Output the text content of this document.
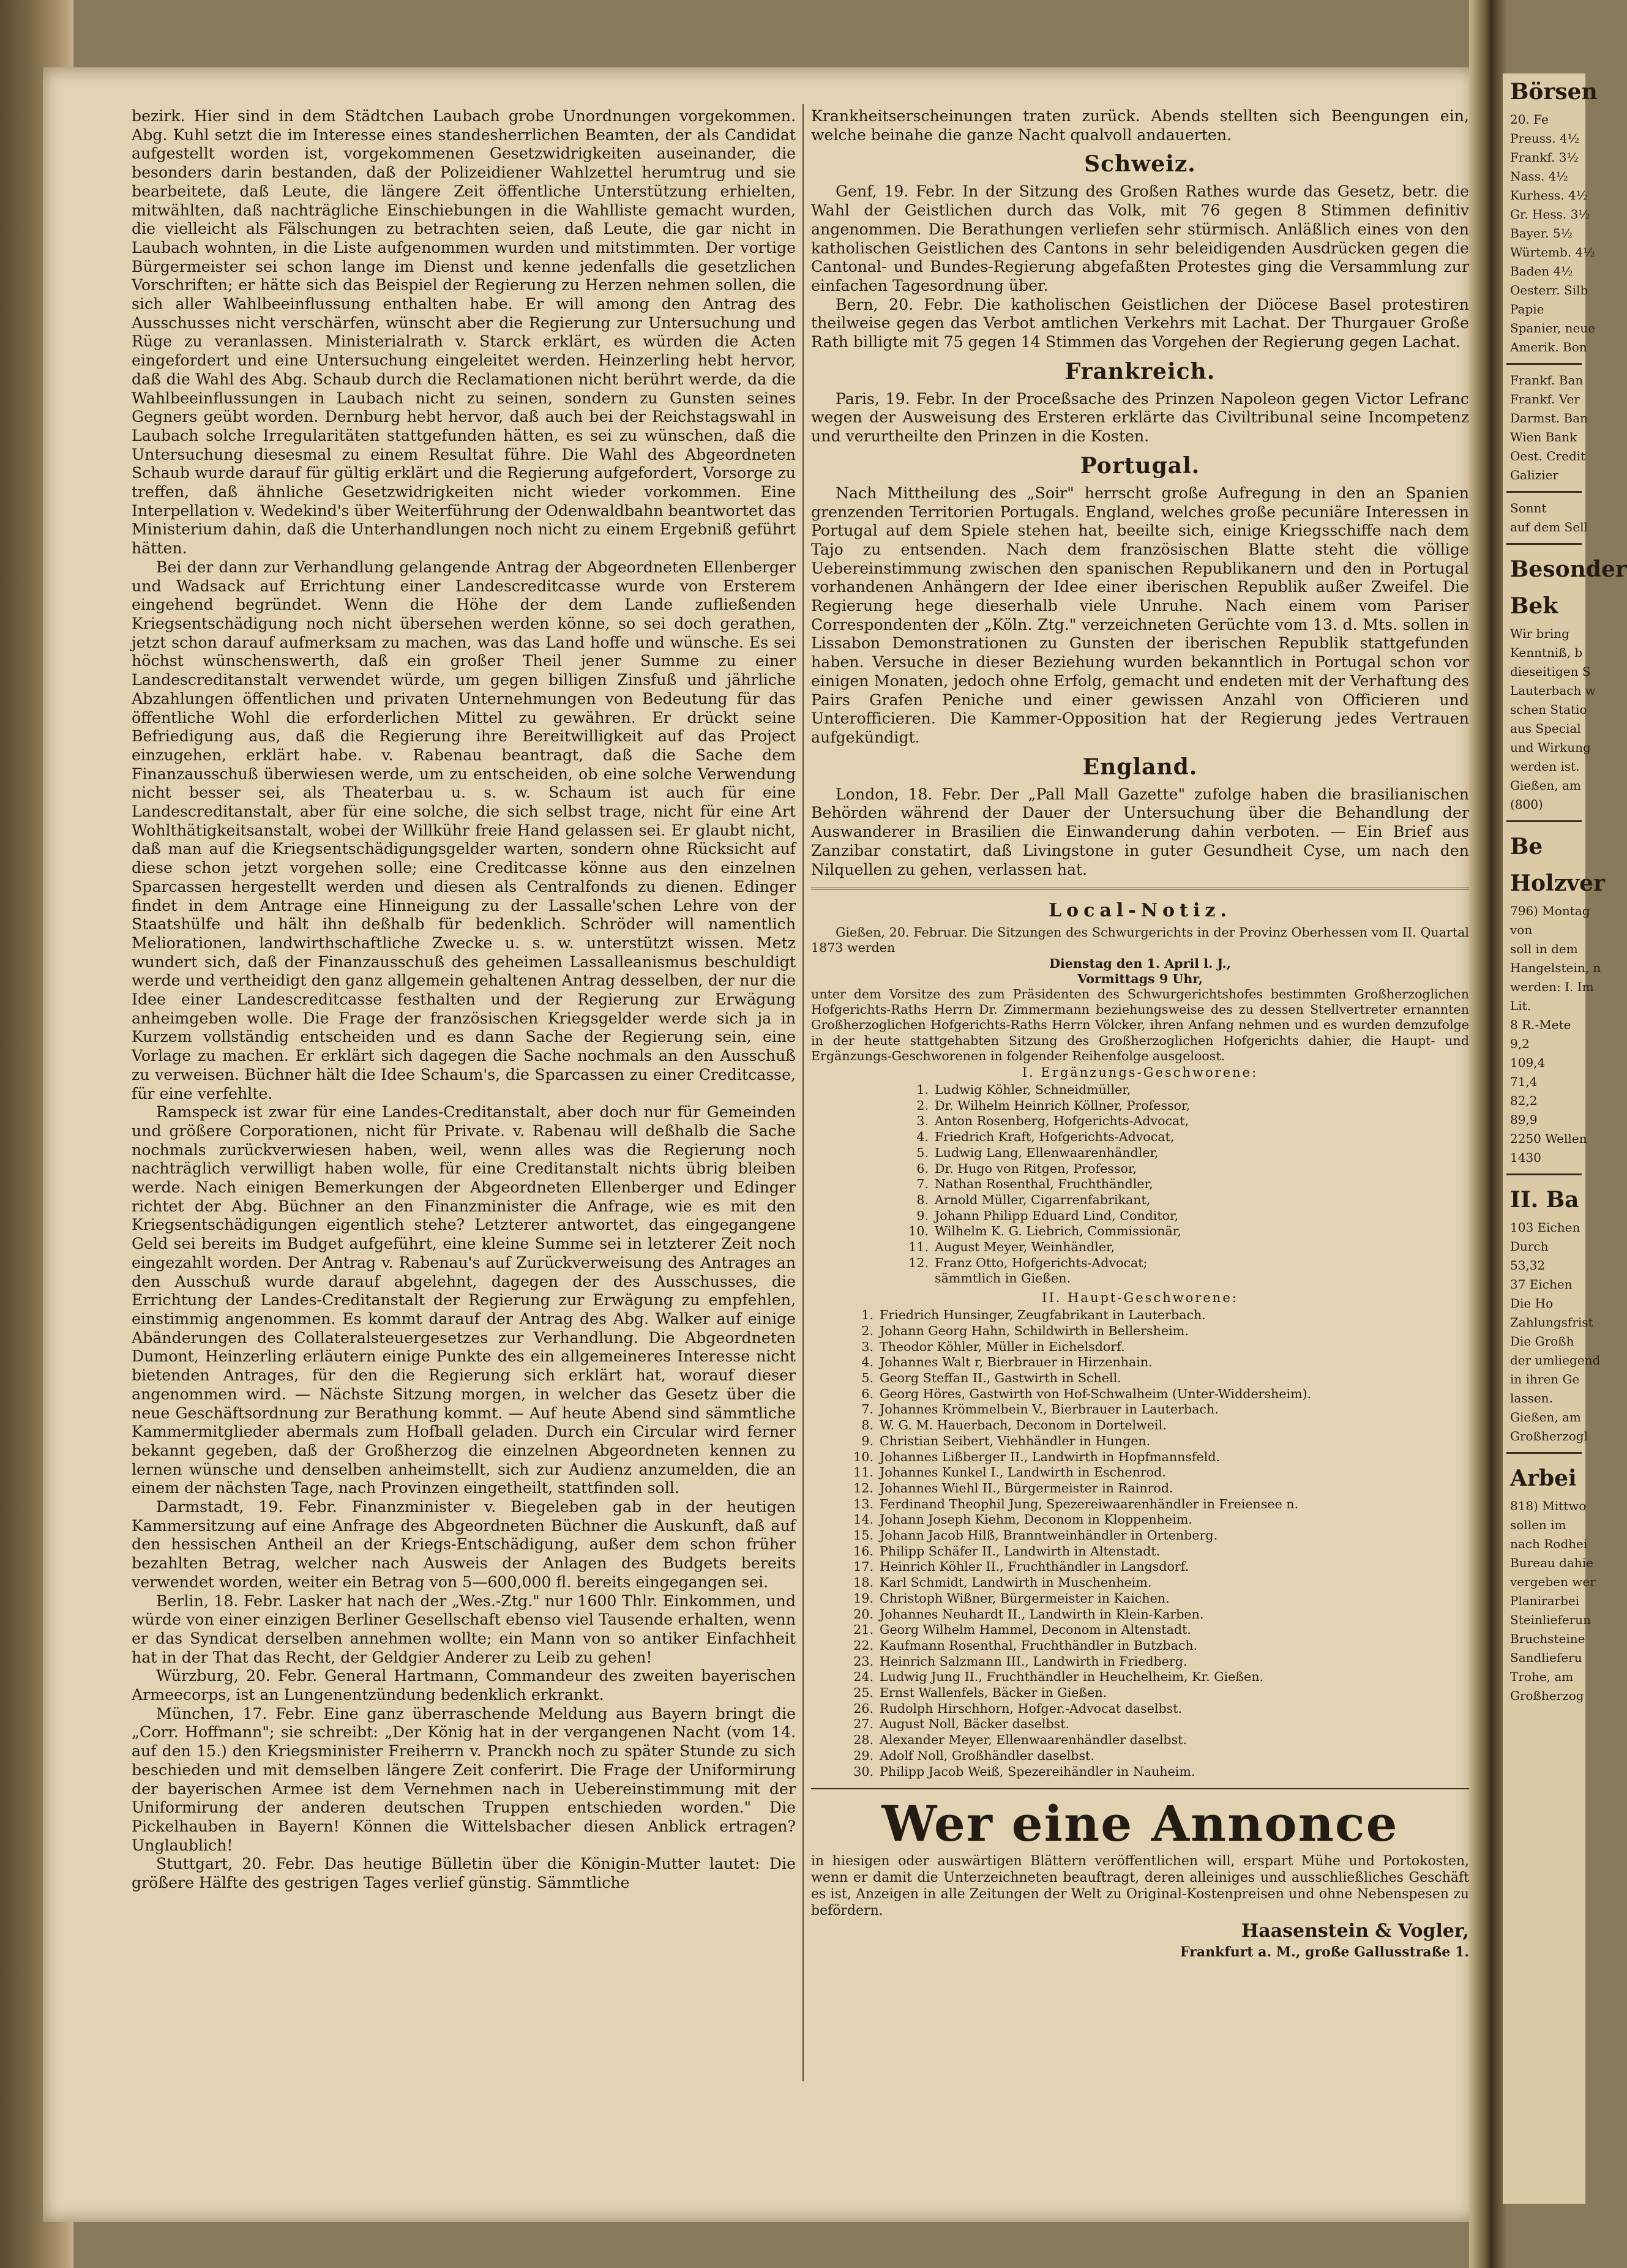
bezirk. Hier sind in dem Städtchen Laubach grobe Unordnungen vorgekommen. Abg. Kuhl setzt die im Interesse eines standesherrlichen Beamten, der als Candidat aufgestellt worden ist, vorgekommenen Gesetzwidrigkeiten auseinander, die besonders darin bestanden, daß der Polizeidiener Wahlzettel herumtrug und sie bearbeitete, daß Leute, die längere Zeit öffentliche Unterstützung erhielten, mitwählten, daß nachträgliche Einschiebungen in die Wahlliste gemacht wurden, die vielleicht als Fälschungen zu betrachten seien, daß Leute, die gar nicht in Laubach wohnten, in die Liste aufgenommen wurden und mitstimmten. Der vortige Bürgermeister sei schon lange im Dienst und kenne jedenfalls die gesetzlichen Vorschriften; er hätte sich das Beispiel der Regierung zu Herzen nehmen sollen, die sich aller Wahlbeeinflussung enthalten habe. Er will among den Antrag des Ausschusses nicht verschärfen, wünscht aber die Regierung zur Untersuchung und Rüge zu veranlassen. Ministerialrath v. Starck erklärt, es würden die Acten eingefordert und eine Untersuchung eingeleitet werden. Heinzerling hebt hervor, daß die Wahl des Abg. Schaub durch die Reclamationen nicht berührt werde, da die Wahlbeeinflussungen in Laubach nicht zu seinen, sondern zu Gunsten seines Gegners geübt worden. Dernburg hebt hervor, daß auch bei der Reichstagswahl in Laubach solche Irregularitäten stattgefunden hätten, es sei zu wünschen, daß die Untersuchung diesesmal zu einem Resultat führe. Die Wahl des Abgeordneten Schaub wurde darauf für gültig erklärt und die Regierung aufgefordert, Vorsorge zu treffen, daß ähnliche Gesetzwidrigkeiten nicht wieder vorkommen. Eine Interpellation v. Wedekind's über Weiterführung der Odenwaldbahn beantwortet das Ministerium dahin, daß die Unterhandlungen noch nicht zu einem Ergebniß geführt hätten.

Bei der dann zur Verhandlung gelangende Antrag der Abgeordneten Ellenberger und Wadsack auf Errichtung einer Landescreditcasse wurde von Ersterem eingehend begründet. Wenn die Höhe der dem Lande zufließenden Kriegsentschädigung noch nicht übersehen werden könne, so sei doch gerathen, jetzt schon darauf aufmerksam zu machen, was das Land hoffe und wünsche. Es sei höchst wünschenswerth, daß ein großer Theil jener Summe zu einer Landescreditanstalt verwendet würde, um gegen billigen Zinsfuß und jährliche Abzahlungen öffentlichen und privaten Unternehmungen von Bedeutung für das öffentliche Wohl die erforderlichen Mittel zu gewähren. Er drückt seine Befriedigung aus, daß die Regierung ihre Bereitwilligkeit auf das Project einzugehen, erklärt habe. v. Rabenau beantragt, daß die Sache dem Finanzausschuß überwiesen werde, um zu entscheiden, ob eine solche Verwendung nicht besser sei, als Theaterbau u. s. w. Schaum ist auch für eine Landescreditanstalt, aber für eine solche, die sich selbst trage, nicht für eine Art Wohlthätigkeitsanstalt, wobei der Willkühr freie Hand gelassen sei. Er glaubt nicht, daß man auf die Kriegsentschädigungsgelder warten, sondern ohne Rücksicht auf diese schon jetzt vorgehen solle; eine Creditcasse könne aus den einzelnen Sparcassen hergestellt werden und diesen als Centralfonds zu dienen. Edinger findet in dem Antrage eine Hinneigung zu der Lassalle'schen Lehre von der Staatshülfe und hält ihn deßhalb für bedenklich. Schröder will namentlich Meliorationen, landwirthschaftliche Zwecke u. s. w. unterstützt wissen. Metz wundert sich, daß der Finanzausschuß des geheimen Lassalleanismus beschuldigt werde und vertheidigt den ganz allgemein gehaltenen Antrag desselben, der nur die Idee einer Landescreditcasse festhalten und der Regierung zur Erwägung anheimgeben wolle. Die Frage der französischen Kriegsgelder werde sich ja in Kurzem vollständig entscheiden und es dann Sache der Regierung sein, eine Vorlage zu machen. Er erklärt sich dagegen die Sache nochmals an den Ausschuß zu verweisen. Büchner hält die Idee Schaum's, die Sparcassen zu einer Creditcasse, für eine verfehlte.

Ramspeck ist zwar für eine Landes-Creditanstalt, aber doch nur für Gemeinden und größere Corporationen, nicht für Private. v. Rabenau will deßhalb die Sache nochmals zurückverwiesen haben, weil, wenn alles was die Regierung noch nachträglich verwilligt haben wolle, für eine Creditanstalt nichts übrig bleiben werde. Nach einigen Bemerkungen der Abgeordneten Ellenberger und Edinger richtet der Abg. Büchner an den Finanzminister die Anfrage, wie es mit den Kriegsentschädigungen eigentlich stehe? Letzterer antwortet, das eingegangene Geld sei bereits im Budget aufgeführt, eine kleine Summe sei in letzterer Zeit noch eingezahlt worden. Der Antrag v. Rabenau's auf Zurückverweisung des Antrages an den Ausschuß wurde darauf abgelehnt, dagegen der des Ausschusses, die Errichtung der Landes-Creditanstalt der Regierung zur Erwägung zu empfehlen, einstimmig angenommen. Es kommt darauf der Antrag des Abg. Walker auf einige Abänderungen des Collateralsteuergesetzes zur Verhandlung. Die Abgeordneten Dumont, Heinzerling erläutern einige Punkte des ein allgemeineres Interesse nicht bietenden Antrages, für den die Regierung sich erklärt hat, worauf dieser angenommen wird. — Nächste Sitzung morgen, in welcher das Gesetz über die neue Geschäftsordnung zur Berathung kommt. — Auf heute Abend sind sämmtliche Kammermitglieder abermals zum Hofball geladen. Durch ein Circular wird ferner bekannt gegeben, daß der Großherzog die einzelnen Abgeordneten kennen zu lernen wünsche und denselben anheimstellt, sich zur Audienz anzumelden, die an einem der nächsten Tage, nach Provinzen eingetheilt, stattfinden soll.

Darmstadt, 19. Febr. Finanzminister v. Biegeleben gab in der heutigen Kammersitzung auf eine Anfrage des Abgeordneten Büchner die Auskunft, daß auf den hessischen Antheil an der Kriegs-Entschädigung, außer dem schon früher bezahlten Betrag, welcher nach Ausweis der Anlagen des Budgets bereits verwendet worden, weiter ein Betrag von 5—600,000 fl. bereits eingegangen sei.

Berlin, 18. Febr. Lasker hat nach der „Wes.-Ztg." nur 1600 Thlr. Einkommen, und würde von einer einzigen Berliner Gesellschaft ebenso viel Tausende erhalten, wenn er das Syndicat derselben annehmen wollte; ein Mann von so antiker Einfachheit hat in der That das Recht, der Geldgier Anderer zu Leib zu gehen!

Würzburg, 20. Febr. General Hartmann, Commandeur des zweiten bayerischen Armeecorps, ist an Lungenentzündung bedenklich erkrankt.

München, 17. Febr. Eine ganz überraschende Meldung aus Bayern bringt die „Corr. Hoffmann"; sie schreibt: „Der König hat in der vergangenen Nacht (vom 14. auf den 15.) den Kriegsminister Freiherrn v. Pranckh noch zu später Stunde zu sich beschieden und mit demselben längere Zeit conferirt. Die Frage der Uniformirung der bayerischen Armee ist dem Vernehmen nach in Uebereinstimmung mit der Uniformirung der anderen deutschen Truppen entschieden worden." Die Pickelhauben in Bayern! Können die Wittelsbacher diesen Anblick ertragen? Unglaublich!

Stuttgart, 20. Febr. Das heutige Bülletin über die Königin-Mutter lautet: Die größere Hälfte des gestrigen Tages verlief günstig. Sämmtliche

Krankheitserscheinungen traten zurück. Abends stellten sich Beengungen ein, welche beinahe die ganze Nacht qualvoll andauerten.

Schweiz.

Genf, 19. Febr. In der Sitzung des Großen Rathes wurde das Gesetz, betr. die Wahl der Geistlichen durch das Volk, mit 76 gegen 8 Stimmen definitiv angenommen. Die Berathungen verliefen sehr stürmisch. Anläßlich eines von den katholischen Geistlichen des Cantons in sehr beleidigenden Ausdrücken gegen die Cantonal- und Bundes-Regierung abgefaßten Protestes ging die Versammlung zur einfachen Tagesordnung über.

Bern, 20. Febr. Die katholischen Geistlichen der Diöcese Basel protestiren theilweise gegen das Verbot amtlichen Verkehrs mit Lachat. Der Thurgauer Große Rath billigte mit 75 gegen 14 Stimmen das Vorgehen der Regierung gegen Lachat.

Frankreich.

Paris, 19. Febr. In der Proceßsache des Prinzen Napoleon gegen Victor Lefranc wegen der Ausweisung des Ersteren erklärte das Civiltribunal seine Incompetenz und verurtheilte den Prinzen in die Kosten.

Portugal.

Nach Mittheilung des „Soir" herrscht große Aufregung in den an Spanien grenzenden Territorien Portugals. England, welches große pecuniäre Interessen in Portugal auf dem Spiele stehen hat, beeilte sich, einige Kriegsschiffe nach dem Tajo zu entsenden. Nach dem französischen Blatte steht die völlige Uebereinstimmung zwischen den spanischen Republikanern und den in Portugal vorhandenen Anhängern der Idee einer iberischen Republik außer Zweifel. Die Regierung hege dieserhalb viele Unruhe. Nach einem vom Pariser Correspondenten der „Köln. Ztg." verzeichneten Gerüchte vom 13. d. Mts. sollen in Lissabon Demonstrationen zu Gunsten der iberischen Republik stattgefunden haben. Versuche in dieser Beziehung wurden bekanntlich in Portugal schon vor einigen Monaten, jedoch ohne Erfolg, gemacht und endeten mit der Verhaftung des Pairs Grafen Peniche und einer gewissen Anzahl von Officieren und Unterofficieren. Die Kammer-Opposition hat der Regierung jedes Vertrauen aufgekündigt.

England.

London, 18. Febr. Der „Pall Mall Gazette" zufolge haben die brasilianischen Behörden während der Dauer der Untersuchung über die Behandlung der Auswanderer in Brasilien die Einwanderung dahin verboten. — Ein Brief aus Zanzibar constatirt, daß Livingstone in guter Gesundheit Cyse, um nach den Nilquellen zu gehen, verlassen hat.

Local-Notiz.

Gießen, 20. Februar. Die Sitzungen des Schwurgerichts in der Provinz Oberhessen vom II. Quartal 1873 werden

Dienstag den 1. April l. J.,
Vormittags 9 Uhr,

unter dem Vorsitze des zum Präsidenten des Schwurgerichtshofes bestimmten Großherzoglichen Hofgerichts-Raths Herrn Dr. Zimmermann beziehungsweise des zu dessen Stellvertreter ernannten Großherzoglichen Hofgerichts-Raths Herrn Völcker, ihren Anfang nehmen und es wurden demzufolge in der heute stattgehabten Sitzung des Großherzoglichen Hofgerichts dahier, die Haupt- und Ergänzungs-Geschworenen in folgender Reihenfolge ausgeloost.

I. Ergänzungs-Geschworene:
1. Ludwig Köhler, Schneidmüller,
2. Dr. Wilhelm Heinrich Köllner, Professor,
3. Anton Rosenberg, Hofgerichts-Advocat,
4. Friedrich Kraft, Hofgerichts-Advocat,
5. Ludwig Lang, Ellenwaarenhändler,
6. Dr. Hugo von Ritgen, Professor,
7. Nathan Rosenthal, Fruchthändler,
8. Arnold Müller, Cigarrenfabrikant,
9. Johann Philipp Eduard Lind, Conditor,
10. Wilhelm K. G. Liebrich, Commissionär,
11. August Meyer, Weinhändler,
12. Franz Otto, Hofgerichts-Advocat;
sämmtlich in Gießen.
II. Haupt-Geschworene:
1. Friedrich Hunsinger, Zeugfabrikant in Lauterbach.
2. Johann Georg Hahn, Schildwirth in Bellersheim.
3. Theodor Köhler, Müller in Eichelsdorf.
4. Johannes Walt r, Bierbrauer in Hirzenhain.
5. Georg Steffan II., Gastwirth in Schell.
6. Georg Höres, Gastwirth von Hof-Schwalheim (Unter-Widdersheim).
7. Johannes Krömmelbein V., Bierbrauer in Lauterbach.
8. W. G. M. Hauerbach, Deconom in Dortelweil.
9. Christian Seibert, Viehhändler in Hungen.
10. Johannes Lißberger II., Landwirth in Hopfmannsfeld.
11. Johannes Kunkel I., Landwirth in Eschenrod.
12. Johannes Wiehl II., Bürgermeister in Rainrod.
13. Ferdinand Theophil Jung, Spezereiwaarenhändler in Freiensee n.
14. Johann Joseph Kiehm, Deconom in Kloppenheim.
15. Johann Jacob Hilß, Branntweinhändler in Ortenberg.
16. Philipp Schäfer II., Landwirth in Altenstadt.
17. Heinrich Köhler II., Fruchthändler in Langsdorf.
18. Karl Schmidt, Landwirth in Muschenheim.
19. Christoph Wißner, Bürgermeister in Kaichen.
20. Johannes Neuhardt II., Landwirth in Klein-Karben.
21. Georg Wilhelm Hammel, Deconom in Altenstadt.
22. Kaufmann Rosenthal, Fruchthändler in Butzbach.
23. Heinrich Salzmann III., Landwirth in Friedberg.
24. Ludwig Jung II., Fruchthändler in Heuchelheim, Kr. Gießen.
25. Ernst Wallenfels, Bäcker in Gießen.
26. Rudolph Hirschhorn, Hofger.-Advocat daselbst.
27. August Noll, Bäcker daselbst.
28. Alexander Meyer, Ellenwaarenhändler daselbst.
29. Adolf Noll, Großhändler daselbst.
30. Philipp Jacob Weiß, Spezereihändler in Nauheim.
Wer eine Annonce

in hiesigen oder auswärtigen Blättern veröffentlichen will, erspart Mühe und Portokosten, wenn er damit die Unterzeichneten beauftragt, deren alleiniges und ausschließliches Geschäft es ist, Anzeigen in alle Zeitungen der Welt zu Original-Kostenpreisen und ohne Nebenspesen zu befördern.

Haasenstein & Vogler,
Frankfurt a. M., große Gallusstraße 1.
Börsen
20. Fe
Preuss. 4½
Frankf. 3½
Nass. 4½
Kurhess. 4½
Gr. Hess. 3½
Bayer. 5½
Würtemb. 4½
Baden 4½
Oesterr. Silb
Papie
Spanier, neue
Amerik. Bon
Frankf. Ban
Frankf. Ver
Darmst. Ban
Wien Bank
Oest. Credit
Galizier
Sonnt
auf dem Sell
Besonder
Bek
Wir bring
Kenntniß, b
dieseitigen S
Lauterbach w
schen Statio
aus Special
und Wirkung
werden ist.
Gießen, am
(800)
Be
Holzver
796) Montag
von
soll in dem
Hangelstein, n
werden: I. Im
Lit.
8 R.-Mete
9,2
109,4
71,4
82,2
89,9
2250 Wellen
1430
II. Ba
103 Eichen
Durch
53,32
37 Eichen
Die Ho
Zahlungsfrist
Die Großh
der umliegend
in ihren Ge
lassen.
Gießen, am
Großherzogl
Arbei
818) Mittwo
sollen im
nach Rodhei
Bureau dahie
vergeben wer
Planirarbei
Steinlieferun
Bruchsteine
Sandlieferu
Trohe, am
Großherzog
